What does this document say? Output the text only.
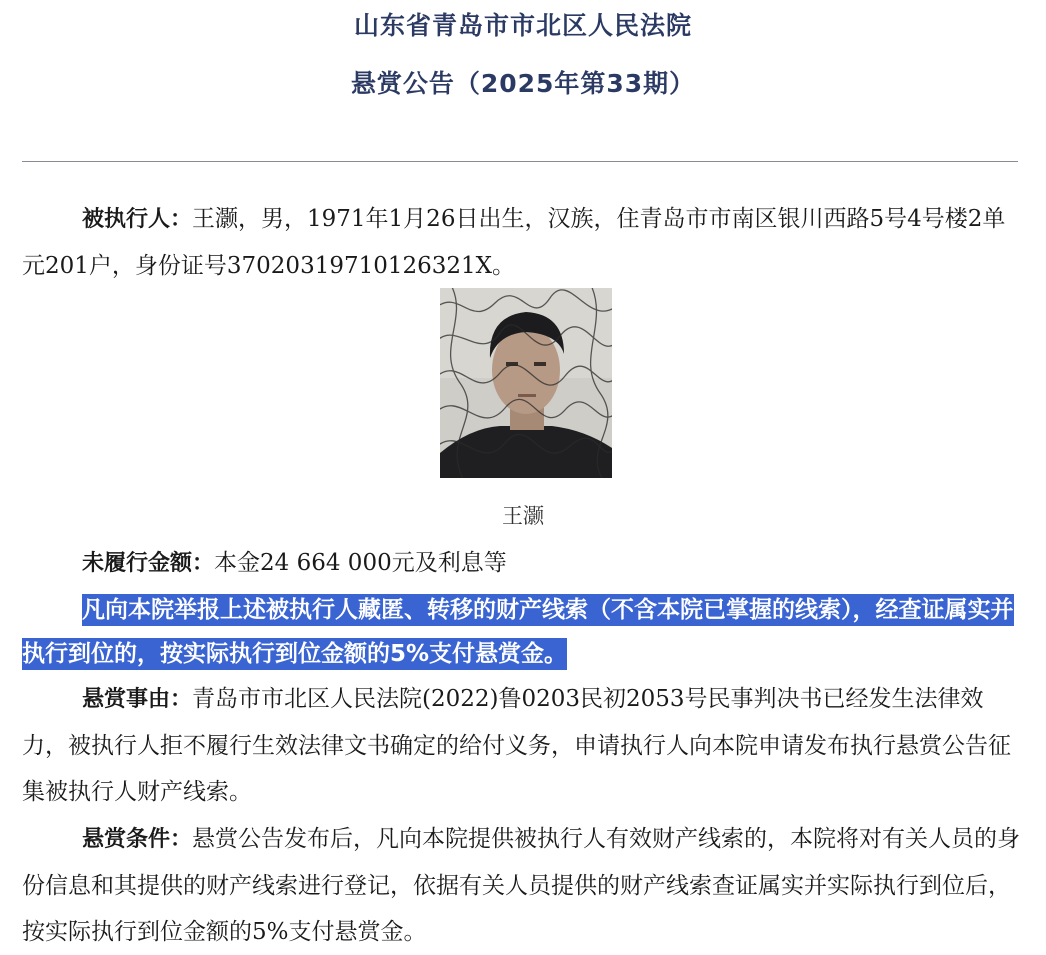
山东省青岛市市北区人民法院
悬赏公告（2025年第33期）
被执行人：王灏，男，1971年1月26日出生，汉族，住青岛市市南区银川西路5号4号楼2单元201户，身份证号37020319710126321X。
王灏
未履行金额：本金24 664 000元及利息等
凡向本院举报上述被执行人藏匿、转移的财产线索（不含本院已掌握的线索），经查证属实并执行到位的，按实际执行到位金额的5%支付悬赏金。
悬赏事由：青岛市市北区人民法院(2022)鲁0203民初2053号民事判决书已经发生法律效力，被执行人拒不履行生效法律文书确定的给付义务，申请执行人向本院申请发布执行悬赏公告征集被执行人财产线索。
悬赏条件：悬赏公告发布后，凡向本院提供被执行人有效财产线索的，本院将对有关人员的身份信息和其提供的财产线索进行登记，依据有关人员提供的财产线索查证属实并实际执行到位后，按实际执行到位金额的5%支付悬赏金。
